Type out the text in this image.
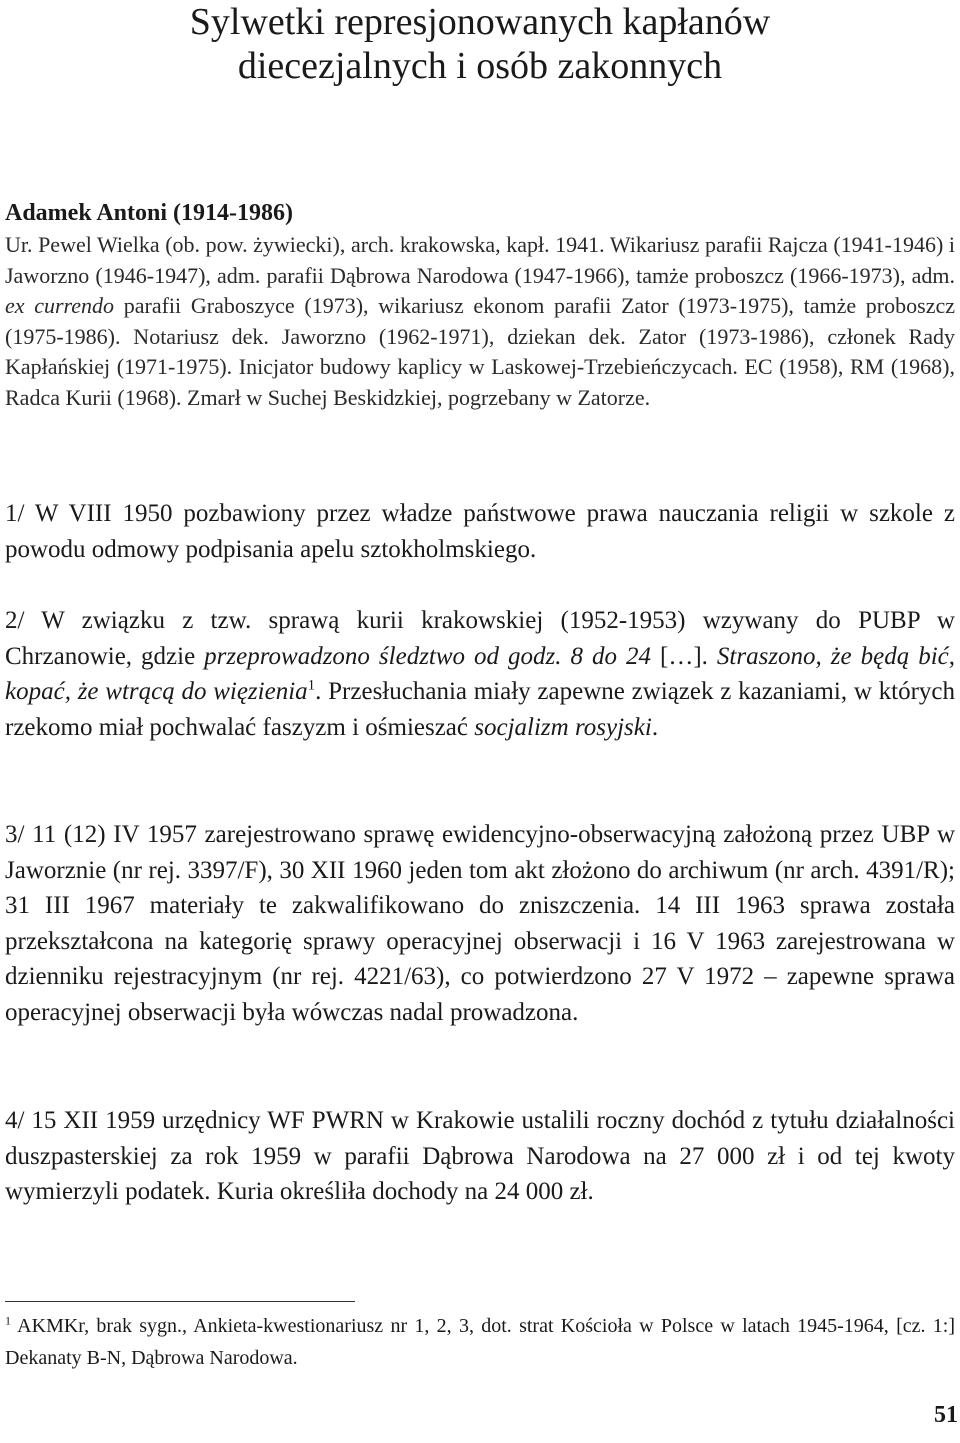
Sylwetki represjonowanych kapłanów
diecezjalnych i osób zakonnych

Adamek Antoni (1914-1986)

Ur. Pewel Wielka (ob. pow. żywiecki), arch. krakowska, kapł. 1941. Wikariusz parafii Rajcza (1941-1946) i Jaworzno (1946-1947), adm. parafii Dąbrowa Narodowa (1947-1966), tamże proboszcz (1966-1973), adm. ex currendo parafii Graboszyce (1973), wikariusz ekonom parafii Zator (1973-1975), tamże proboszcz (1975-1986). Notariusz dek. Jaworzno (1962-1971), dziekan dek. Zator (1973-1986), członek Rady Kapłańskiej (1971-1975). Inicjator budowy kaplicy w Laskowej-Trzebieńczycach. EC (1958), RM (1968), Radca Kurii (1968). Zmarł w Suchej Beskidzkiej, pogrzebany w Zatorze.

1/ W VIII 1950 pozbawiony przez władze państwowe prawa nauczania religii w szkole z powodu odmowy podpisania apelu sztokholmskiego.

2/ W związku z tzw. sprawą kurii krakowskiej (1952-1953) wzywany do PUBP w Chrzanowie, gdzie przeprowadzono śledztwo od godz. 8 do 24 […]. Straszono, że będą bić, kopać, że wtrącą do więzienia$^1$. Przesłuchania miały zapewne związek z kazaniami, w których rzekomo miał pochwalać faszyzm i ośmieszać socjalizm rosyjski.

3/ 11 (12) IV 1957 zarejestrowano sprawę ewidencyjno-obserwacyjną założoną przez UBP w Jaworznie (nr rej. 3397/F), 30 XII 1960 jeden tom akt złożono do archiwum (nr arch. 4391/R); 31 III 1967 materiały te zakwalifikowano do zniszczenia. 14 III 1963 sprawa została przekształcona na kategorię sprawy operacyjnej obserwacji i 16 V 1963 zarejestrowana w dzienniku rejestracyjnym (nr rej. 4221/63), co potwierdzono 27 V 1972 – zapewne sprawa operacyjnej obserwacji była wówczas nadal prowadzona.

4/ 15 XII 1959 urzędnicy WF PWRN w Krakowie ustalili roczny dochód z tytułu działalności duszpasterskiej za rok 1959 w parafii Dąbrowa Narodowa na 27 000 zł i od tej kwoty wymierzyli podatek. Kuria określiła dochody na 24 000 zł.

$^1$ AKMKr, brak sygn., Ankieta-kwestionariusz nr 1, 2, 3, dot. strat Kościoła w Polsce w latach 1945-1964, [cz. 1:] Dekanaty B-N, Dąbrowa Narodowa.

51
